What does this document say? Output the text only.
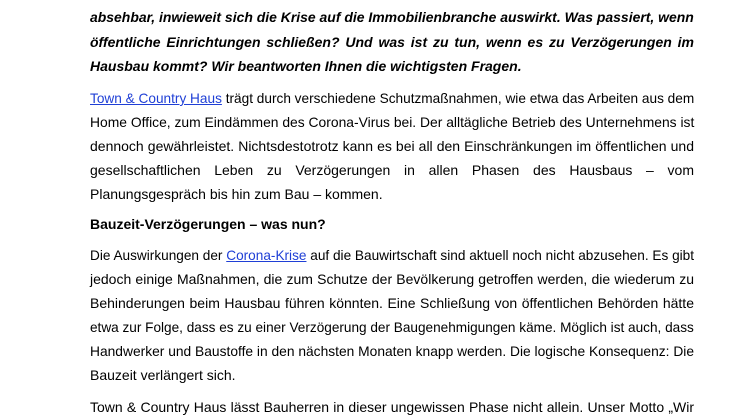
absehbar, inwieweit sich die Krise auf die Immobilienbranche auswirkt. Was passiert, wenn
öffentliche Einrichtungen schließen? Und was ist zu tun, wenn es zu Verzögerungen im
Hausbau kommt? Wir beantworten Ihnen die wichtigsten Fragen.
Town & Country Haus trägt durch verschiedene Schutzmaßnahmen, wie etwa das Arbeiten aus dem
Home Office, zum Eindämmen des Corona-Virus bei. Der alltägliche Betrieb des Unternehmens ist
dennoch gewährleistet. Nichtsdestotrotz kann es bei all den Einschränkungen im öffentlichen und
gesellschaftlichen Leben zu Verzögerungen in allen Phasen des Hausbaus – vom
Planungsgespräch bis hin zum Bau – kommen.
Bauzeit-Verzögerungen – was nun?
Die Auswirkungen der Corona-Krise auf die Bauwirtschaft sind aktuell noch nicht abzusehen. Es gibt
jedoch einige Maßnahmen, die zum Schutze der Bevölkerung getroffen werden, die wiederum zu
Behinderungen beim Hausbau führen könnten. Eine Schließung von öffentlichen Behörden hätte
etwa zur Folge, dass es zu einer Verzögerung der Baugenehmigungen käme. Möglich ist auch, dass
Handwerker und Baustoffe in den nächsten Monaten knapp werden. Die logische Konsequenz: Die
Bauzeit verlängert sich.
Town & Country Haus lässt Bauherren in dieser ungewissen Phase nicht allein. Unser Motto „Wir
